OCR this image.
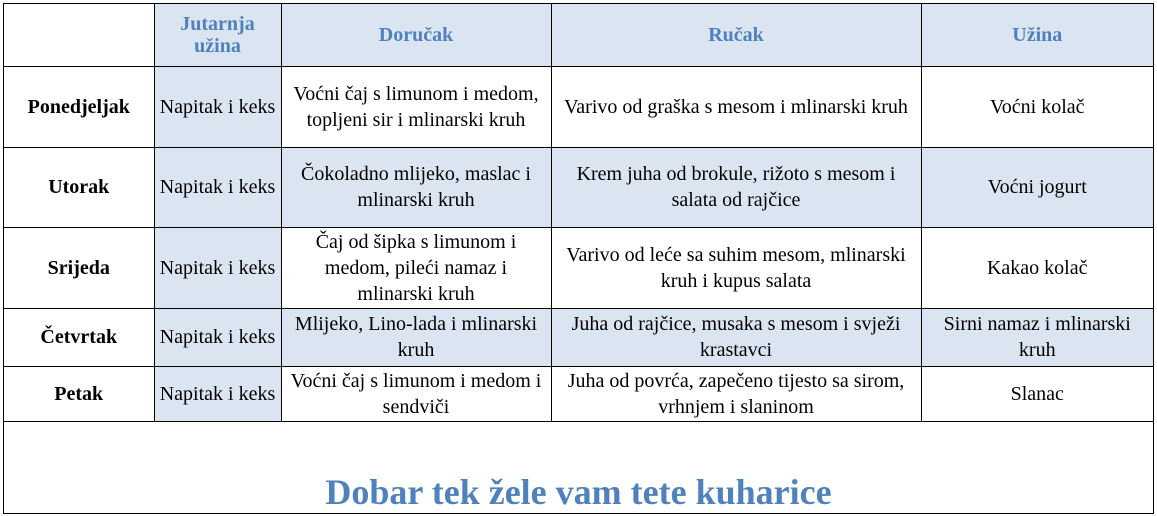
	Jutarnja užina	Doručak	Ručak	Užina
Ponedjeljak	Napitak i keks	Voćni čaj s limunom i medom, topljeni sir i mlinarski kruh	Varivo od graška s mesom i mlinarski kruh	Voćni kolač
Utorak	Napitak i keks	Čokoladno mlijeko, maslac i mlinarski kruh	Krem juha od brokule, rižoto s mesom i salata od rajčice	Voćni jogurt
Srijeda	Napitak i keks	Čaj od šipka s limunom i medom, pileći namaz i mlinarski kruh	Varivo od leće sa suhim mesom, mlinarski kruh i kupus salata	Kakao kolač
Četvrtak	Napitak i keks	Mlijeko, Lino-lada i mlinarski kruh	Juha od rajčice, musaka s mesom i svježi krastavci	Sirni namaz i mlinarski kruh
Petak	Napitak i keks	Voćni čaj s limunom i medom i sendviči	Juha od povrća, zapečeno tijesto sa sirom, vrhnjem i slaninom	Slanac
Dobar tek žele vam tete kuharice
